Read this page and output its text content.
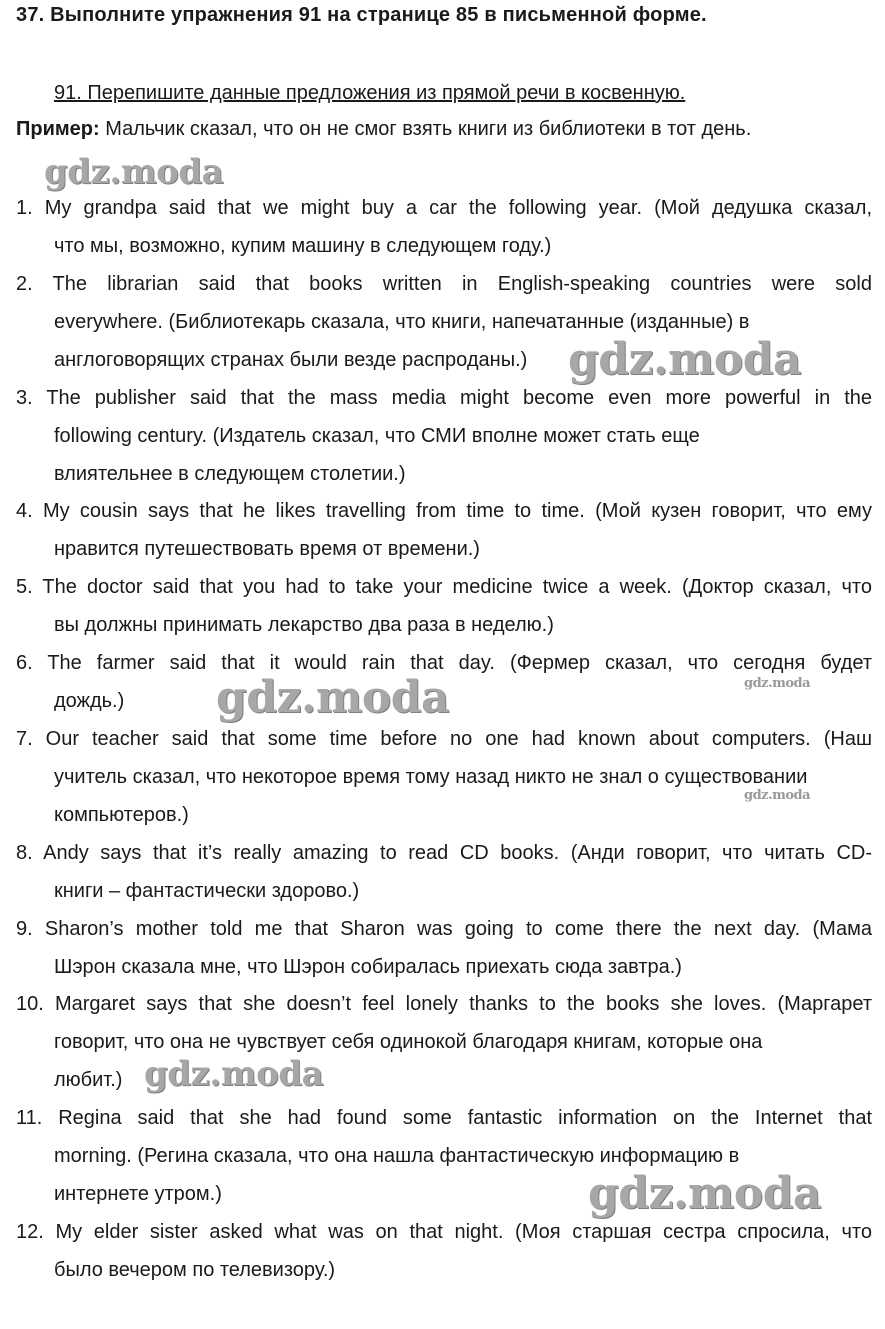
37. Выполните упражнения 91 на странице 85 в письменной форме.
91. Перепишите данные предложения из прямой речи в косвенную.
Пример: Мальчик сказал, что он не смог взять книги из библиотеки в тот день.
1. My grandpa said that we might buy a car the following year. (Мой дедушка сказал,
что мы, возможно, купим машину в следующем году.)
2. The librarian said that books written in English-speaking countries were sold
everywhere. (Библиотекарь сказала, что книги, напечатанные (изданные) в
англоговорящих странах были везде распроданы.)
3. The publisher said that the mass media might become even more powerful in the
following century. (Издатель сказал, что СМИ вполне может стать еще
влиятельнее в следующем столетии.)
4. My cousin says that he likes travelling from time to time. (Мой кузен говорит, что ему
нравится путешествовать время от времени.)
5. The doctor said that you had to take your medicine twice a week. (Доктор сказал, что
вы должны принимать лекарство два раза в неделю.)
6. The farmer said that it would rain that day. (Фермер сказал, что сегодня будет
дождь.)
7. Our teacher said that some time before no one had known about computers. (Наш
учитель сказал, что некоторое время тому назад никто не знал о существовании
компьютеров.)
8. Andy says that it’s really amazing to read CD books. (Анди говорит, что читать CD-
книги – фантастически здорово.)
9. Sharon’s mother told me that Sharon was going to come there the next day. (Мама
Шэрон сказала мне, что Шэрон собиралась приехать сюда завтра.)
10. Margaret says that she doesn’t feel lonely thanks to the books she loves. (Маргарет
говорит, что она не чувствует себя одинокой благодаря книгам, которые она
любит.)
11. Regina said that she had found some fantastic information on the Internet that
morning. (Регина сказала, что она нашла фантастическую информацию в
интернете утром.)
12. My elder sister asked what was on that night. (Моя старшая сестра спросила, что
было вечером по телевизору.)
gdz.moda
gdz.moda
gdz.moda	gdz.moda
gdz.moda
gdz.moda
gdz.moda
